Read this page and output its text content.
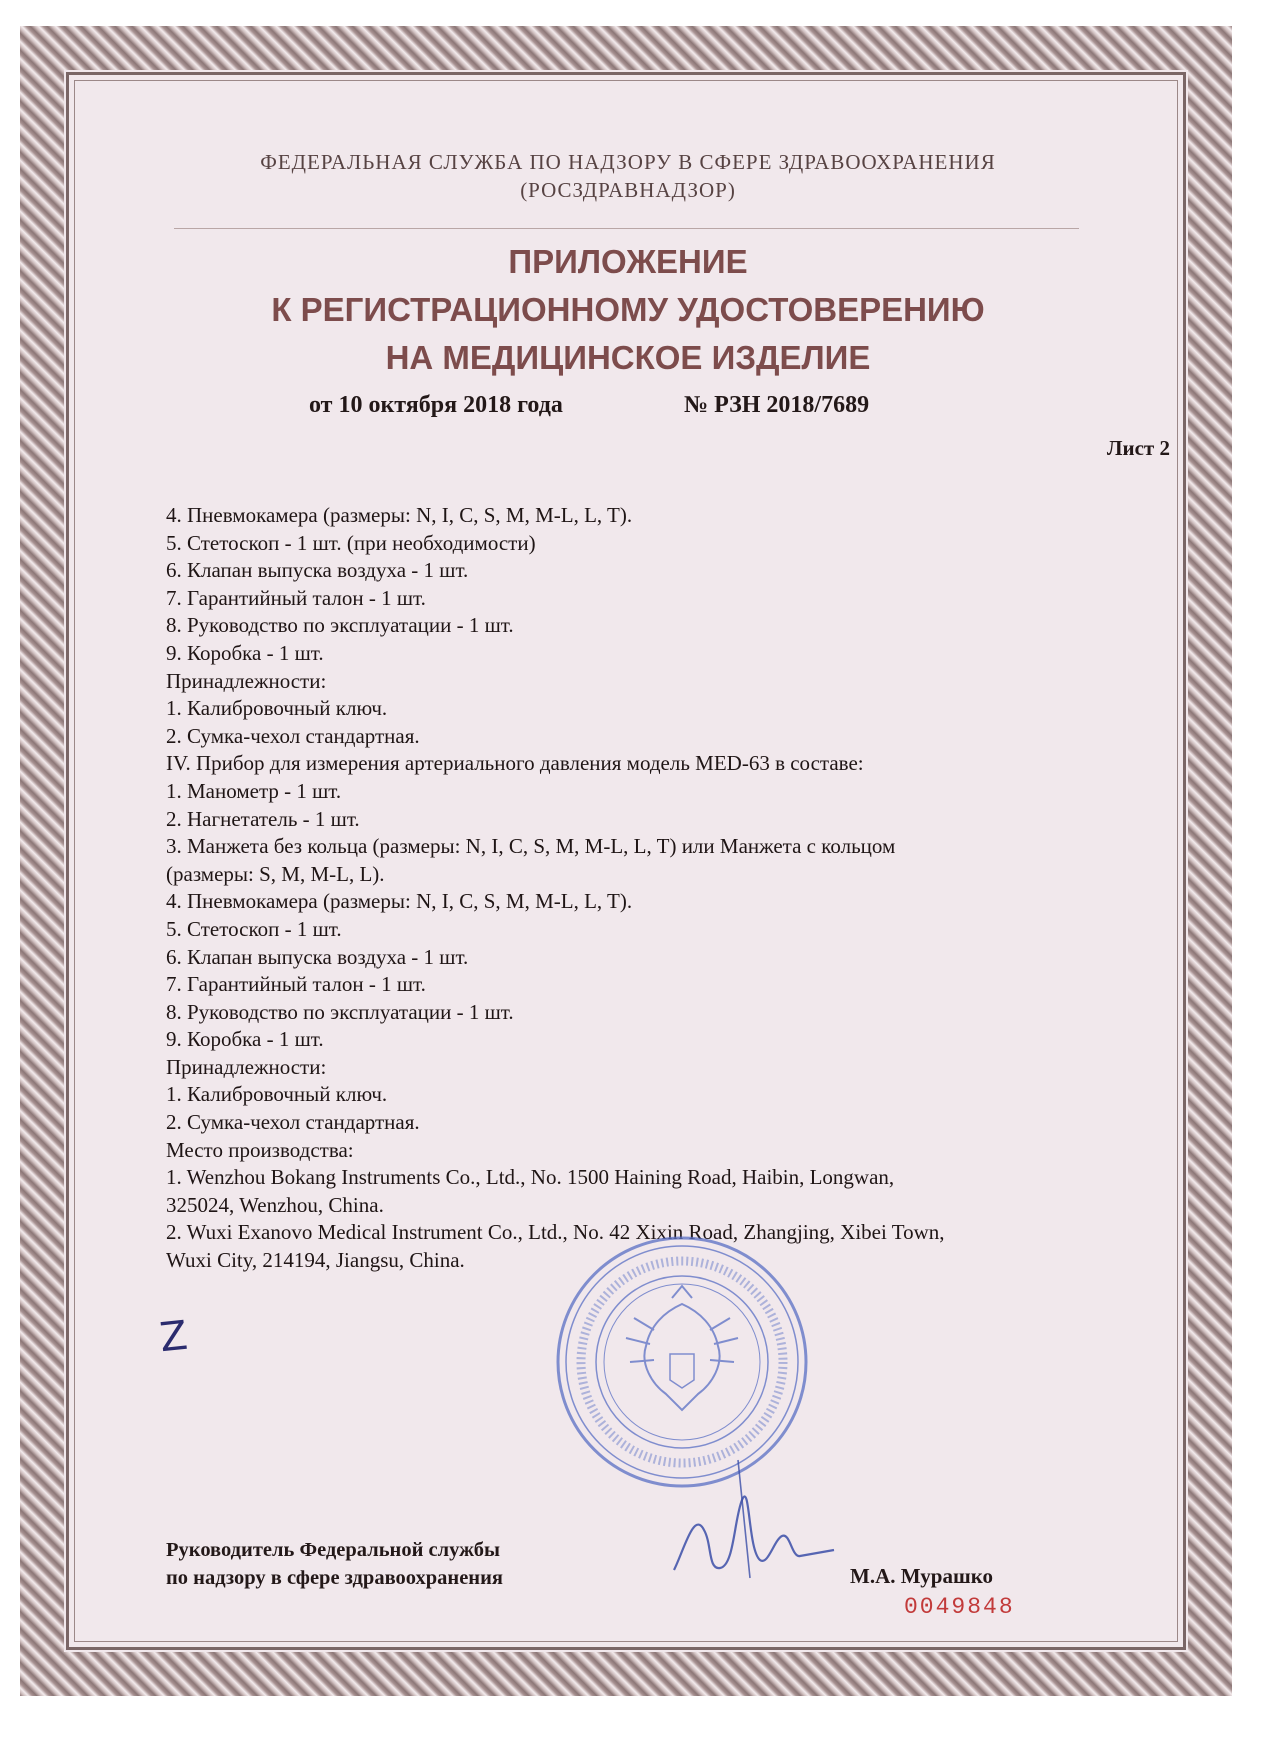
ФЕДЕРАЛЬНАЯ СЛУЖБА ПО НАДЗОРУ В СФЕРЕ ЗДРАВООХРАНЕНИЯ
(РОСЗДРАВНАДЗОР)
ПРИЛОЖЕНИЕ
К РЕГИСТРАЦИОННОМУ УДОСТОВЕРЕНИЮ
НА МЕДИЦИНСКОЕ ИЗДЕЛИЕ
от 10 октября 2018 года	№ РЗН 2018/7689
Лист 2
4. Пневмокамера (размеры: N, I, C, S, M, M-L, L, T).
5. Стетоскоп - 1 шт. (при необходимости)
6. Клапан выпуска воздуха - 1 шт.
7. Гарантийный талон - 1 шт.
8. Руководство по эксплуатации - 1 шт.
9. Коробка - 1 шт.
Принадлежности:
1. Калибровочный ключ.
2. Сумка-чехол стандартная.
IV. Прибор для измерения артериального давления модель MED-63 в составе:
1. Манометр - 1 шт.
2. Нагнетатель - 1 шт.
3. Манжета без кольца (размеры: N, I, C, S, M, M-L, L, T) или Манжета с кольцом
(размеры: S, M, M-L, L).
4. Пневмокамера (размеры: N, I, C, S, M, M-L, L, T).
5. Стетоскоп - 1 шт.
6. Клапан выпуска воздуха - 1 шт.
7. Гарантийный талон - 1 шт.
8. Руководство по эксплуатации - 1 шт.
9. Коробка - 1 шт.
Принадлежности:
1. Калибровочный ключ.
2. Сумка-чехол стандартная.
Место производства:
1. Wenzhou Bokang Instruments Co., Ltd., No. 1500 Haining Road, Haibin, Longwan,
325024, Wenzhou, China.
2. Wuxi Exanovo Medical Instrument Co., Ltd., No. 42 Xixin Road, Zhangjing, Xibei Town,
Wuxi City, 214194, Jiangsu, China.
Z
Руководитель Федеральной службы
по надзору в сфере здравоохранения	М.А. Мурашко
0049848
